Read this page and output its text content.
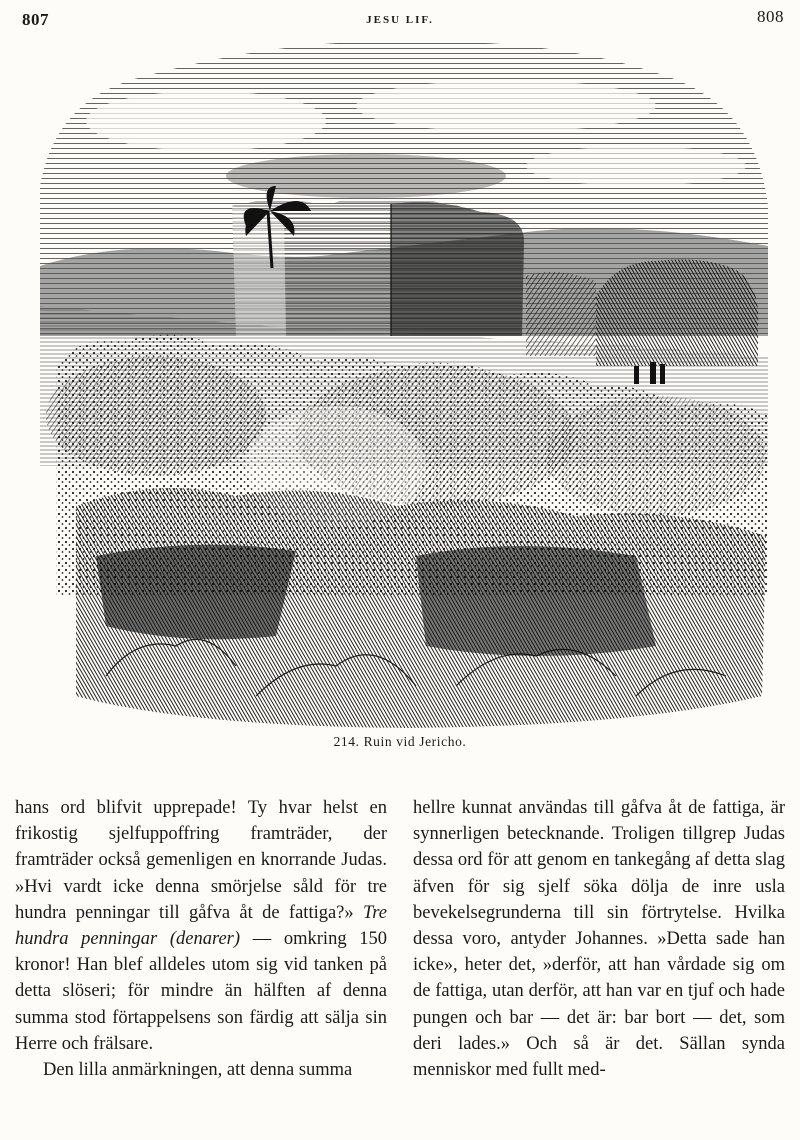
807	JESU LIF.	808
214. Ruin vid Jericho.

hans ord blifvit upprepade! Ty hvar helst en frikostig sjelfuppoffring framträder, der framträder också gemenligen en knorrande Judas. »Hvi vardt icke denna smörjelse såld för tre hundra penningar till gåfva åt de fattiga?» Tre hundra penningar (denarer) — omkring 150 kronor! Han blef alldeles utom sig vid tanken på detta slöseri; för mindre än hälften af denna summa stod förtappelsens son färdig att sälja sin Herre och frälsare.

Den lilla anmärkningen, att denna summa

hellre kunnat användas till gåfva åt de fattiga, är synnerligen betecknande. Troligen tillgrep Judas dessa ord för att genom en tankegång af detta slag äfven för sig sjelf söka dölja de inre usla bevekelsegrunderna till sin förtrytelse. Hvilka dessa voro, antyder Johannes. »Detta sade han icke», heter det, »derför, att han vårdade sig om de fattiga, utan derför, att han var en tjuf och hade pungen och bar — det är: bar bort — det, som deri lades.» Och så är det. Sällan synda menniskor med fullt med-
